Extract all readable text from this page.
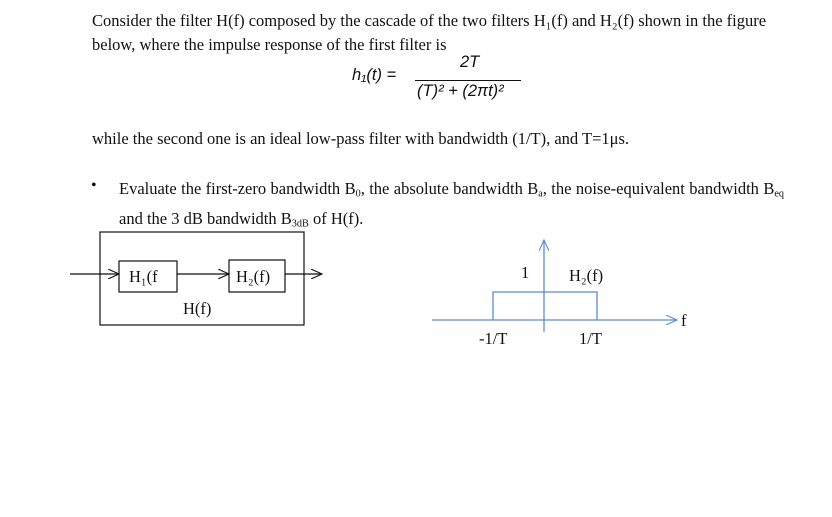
Consider the filter H(f) composed by the cascade of the two filters H₁(f) and H₂(f) shown in the figure below, where the impulse response of the first filter is
h₁(t) =
2T
(T)² + (2πt)²
while the second one is an ideal low-pass filter with bandwidth (1/T), and T=1μs.
• Evaluate the first-zero bandwidth $B_0$, the absolute bandwidth $B_a$, the noise-equivalent bandwidth $B_{eq}$ and the 3 dB bandwidth $B_{3dB}$ of H(f).
H₁(f	H₂(f)
H(f)
1 H₂(f)
f
-1/T	1/T
